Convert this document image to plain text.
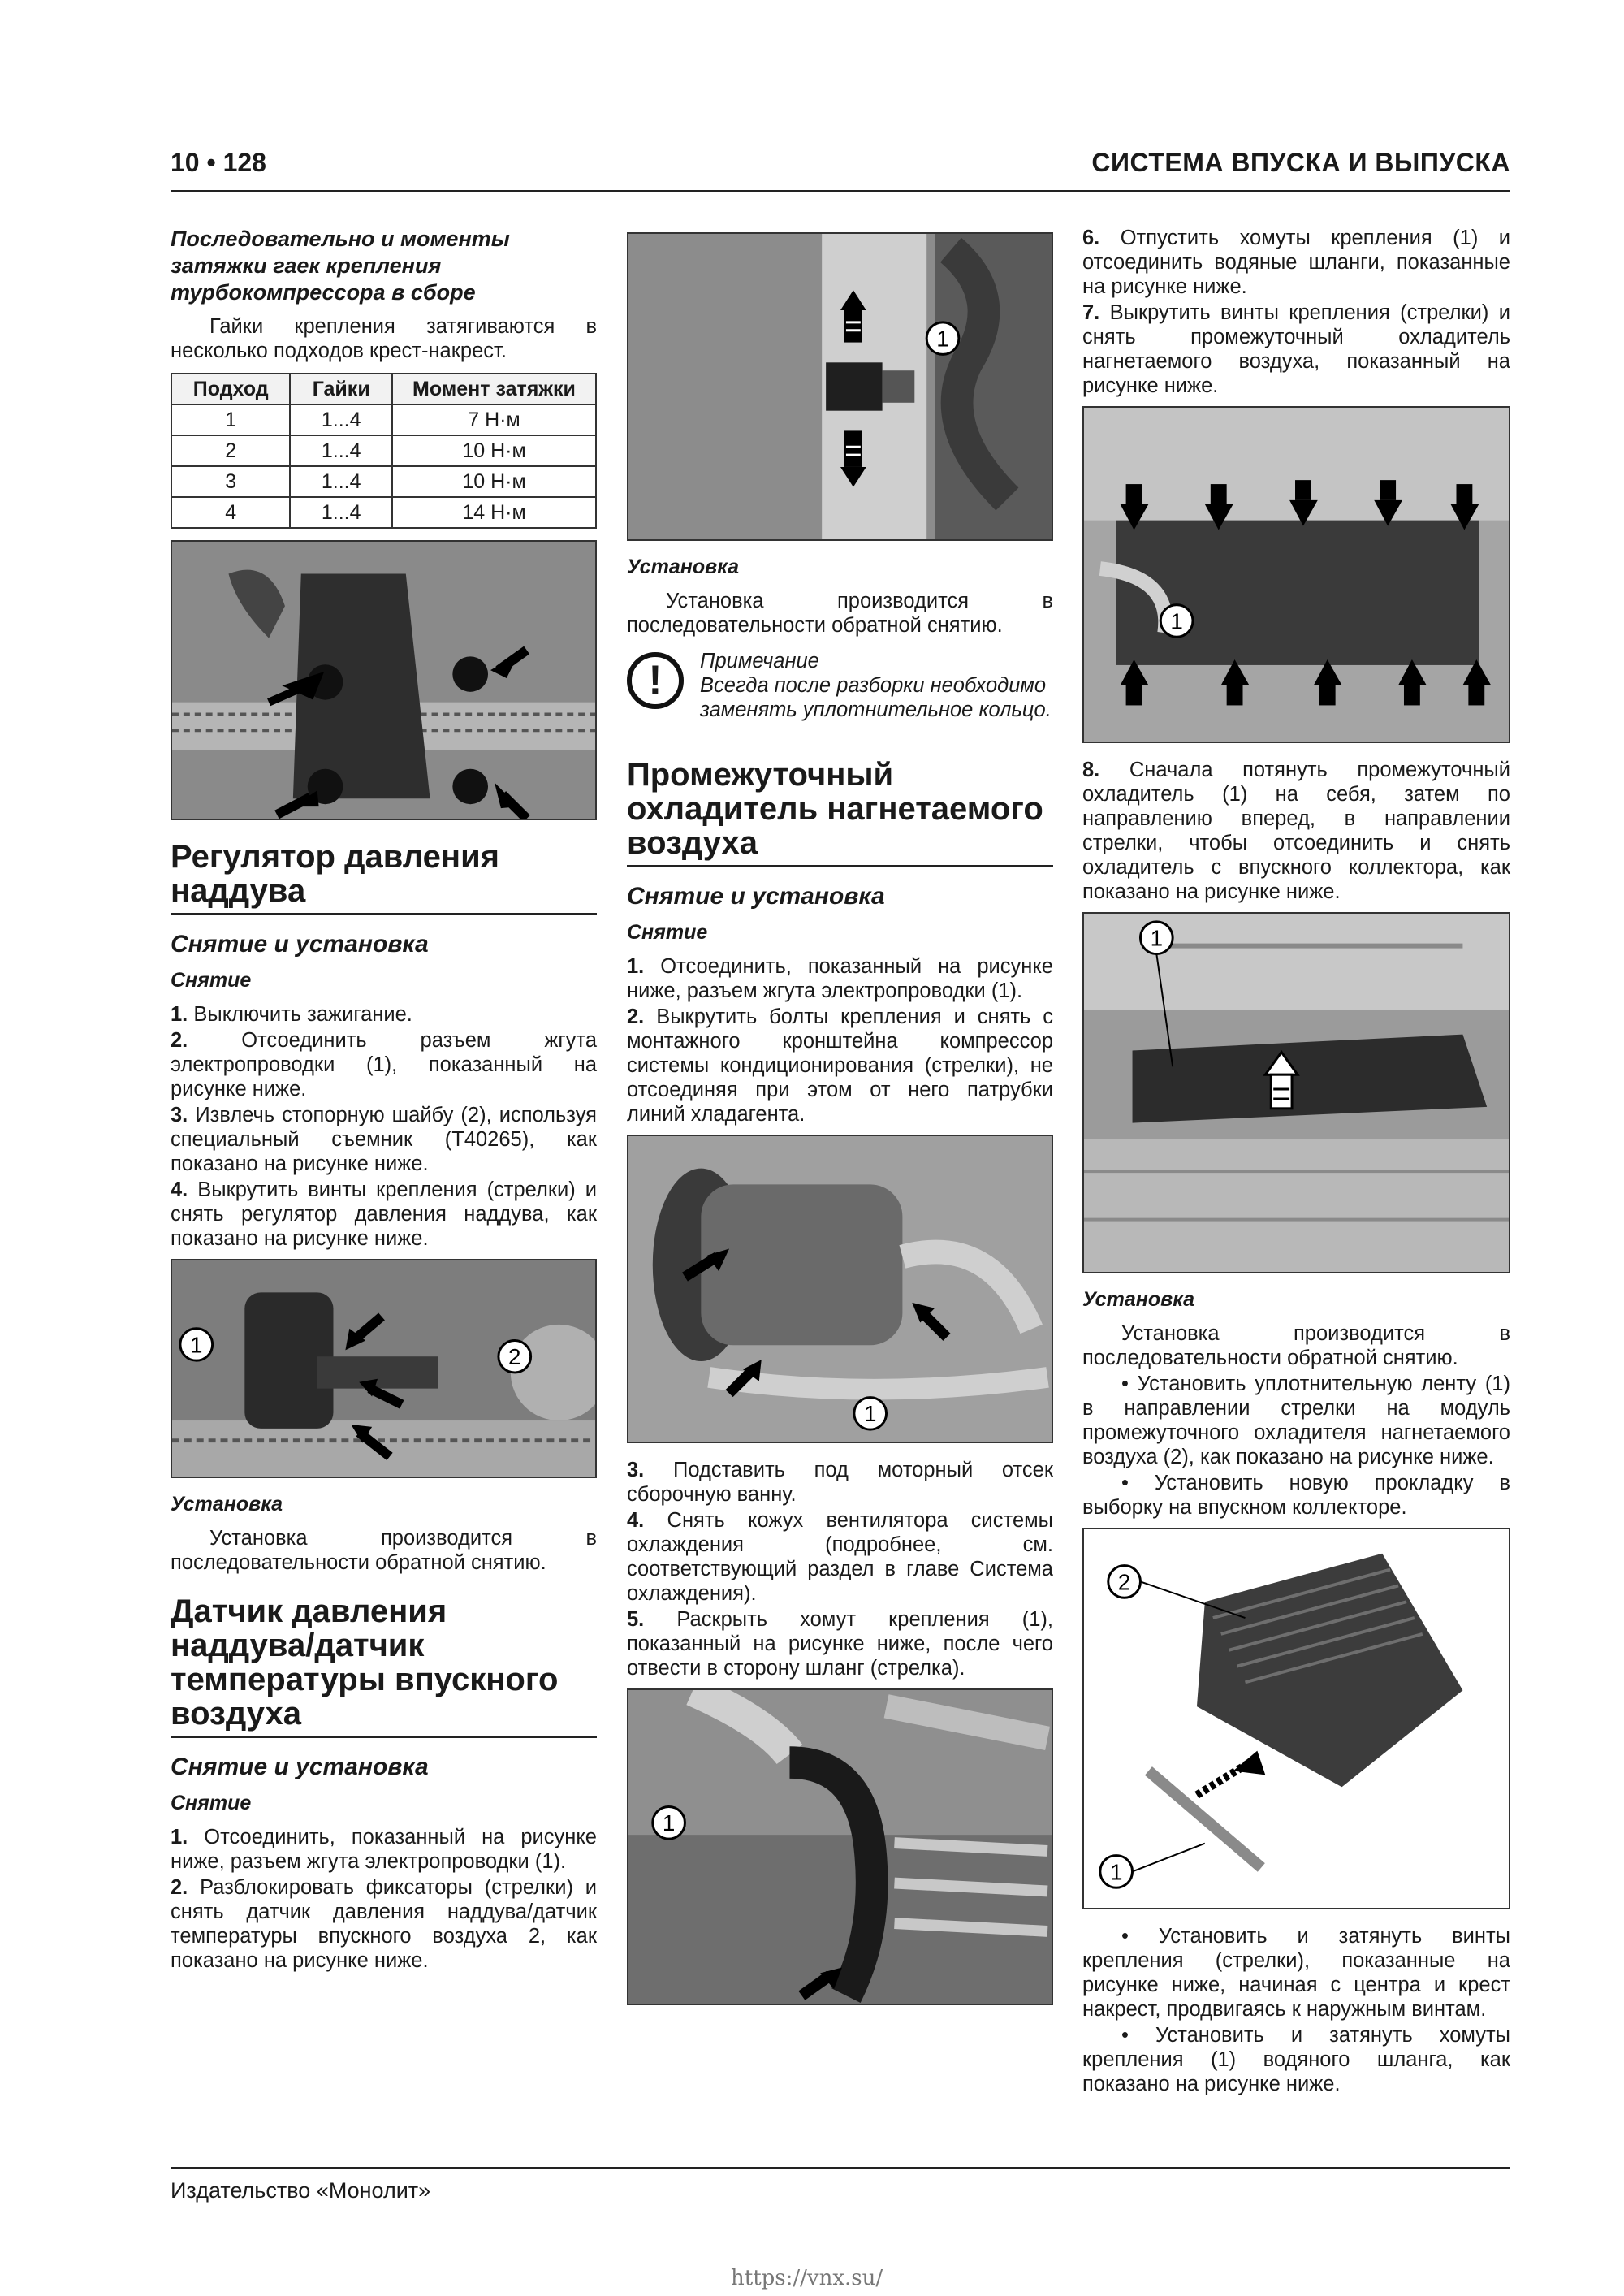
10 • 128	СИСТЕМА ВПУСКА И ВЫПУСКА
Последовательно и моменты затяжки гаек крепления турбокомпрессора в сборе

Гайки крепления затягиваются в несколько подходов крест-накрест.

Подход	Гайки	Момент затяжки
1	1...4	7 Н·м
2	1...4	10 Н·м
3	1...4	10 Н·м
4	1...4	14 Н·м
Регулятор давления наддува
Снятие и установка
Снятие

1. Выключить зажигание.

2.	Отсоединить разъем жгута электропроводки (1), показанный на рисунке ниже.

3. Извлечь стопорную шайбу (2), используя специальный съемник (T40265), как показано на рисунке ниже.

4. Выкрутить винты крепления (стрелки) и снять регулятор давления наддува, как показано на рисунке ниже.

1	2
Установка

Установка производится в последовательности обратной снятию.

Датчик давления наддува/датчик температуры впускного воздуха
Снятие и установка
Снятие

1. Отсоединить, показанный на рисунке ниже, разъем жгута электропроводки (1).

2. Разблокировать фиксаторы (стрелки) и снять датчик давления наддува/датчик температуры впускного воздуха 2, как показано на рисунке ниже.

1
Установка

Установка производится в последовательности обратной снятию.

!	Примечание
Всегда после разборки необходимо заменять уплотнительное кольцо.
Промежуточный охладитель нагнетаемого воздуха
Снятие и установка
Снятие

1. Отсоединить, показанный на рисунке ниже, разъем жгута электропроводки (1).

2. Выкрутить болты крепления и снять с монтажного кронштейна компрессор системы кондиционирования (стрелки), не отсоединяя при этом от него патрубки линий хладагента.

1

3. Подставить под моторный отсек сборочную ванну.

4. Снять кожух вентилятора системы охлаждения (подробнее, см. соответствующий раздел в главе Система охлаждения).

5. Раскрыть хомут крепления (1), показанный на рисунке ниже, после чего отвести в сторону шланг (стрелка).

1

6. Отпустить хомуты крепления (1) и отсоединить водяные шланги, показанные на рисунке ниже.

7. Выкрутить винты крепления (стрелки) и снять промежуточный охладитель нагнетаемого воздуха, показанный на рисунке ниже.

1

8. Сначала потянуть промежуточный охладитель (1) на себя, затем по направлению вперед, в направлении стрелки, чтобы отсоединить и снять охладитель с впускного коллектора, как показано на рисунке ниже.

1
Установка

Установка производится в последовательности обратной снятию.

• Установить уплотнительную ленту (1) в направлении стрелки на модуль промежуточного охладителя нагнетаемого воздуха (2), как показано на рисунке ниже.

• Установить новую прокладку в выборку на впускном коллекторе.

2
1

• Установить и затянуть винты крепления (стрелки), показанные на рисунке ниже, начиная с центра и крест накрест, продвигаясь к наружным винтам.

• Установить и затянуть хомуты крепления (1) водяного шланга, как показано на рисунке ниже.

Издательство «Монолит»
https://vnx.su/
